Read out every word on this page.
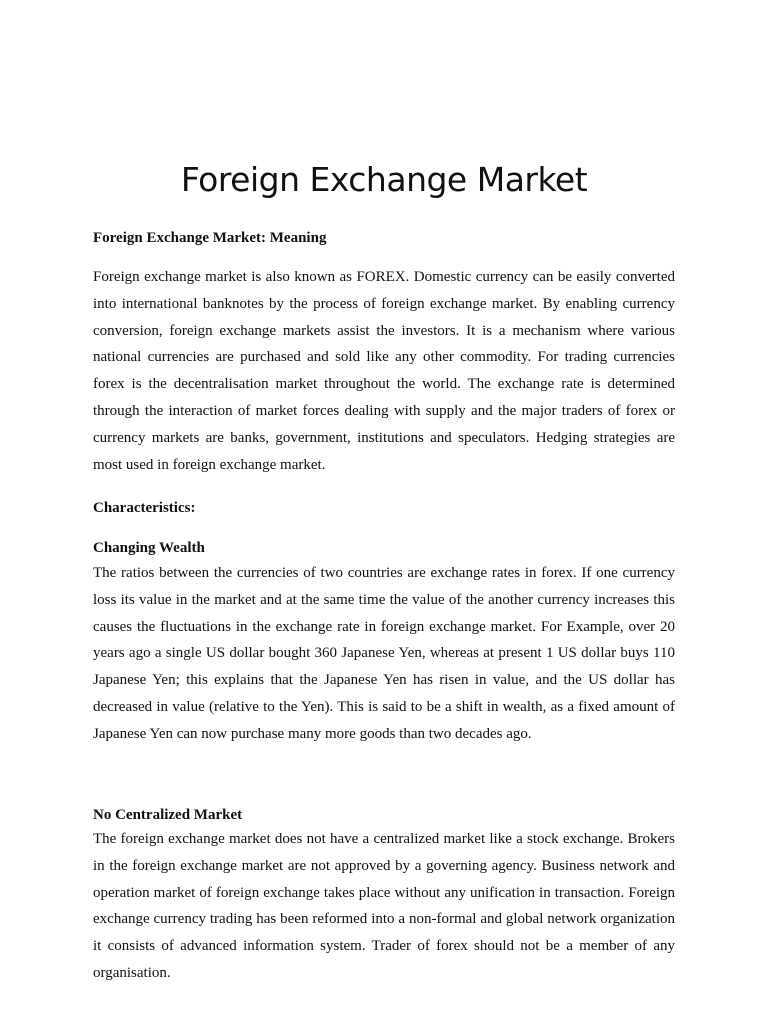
Foreign Exchange Market

Foreign Exchange Market: Meaning

Foreign exchange market is also known as FOREX. Domestic currency can be easily converted into international banknotes by the process of foreign exchange market. By enabling currency conversion, foreign exchange markets assist the investors. It is a mechanism where various national currencies are purchased and sold like any other commodity. For trading currencies forex is the decentralisation market throughout the world. The exchange rate is determined through the interaction of market forces dealing with supply and the major traders of forex or currency markets are banks, government, institutions and speculators. Hedging strategies are most used in foreign exchange market.

Characteristics:

Changing Wealth

The ratios between the currencies of two countries are exchange rates in forex. If one currency loss its value in the market and at the same time the value of the another currency increases this causes the fluctuations in the exchange rate in foreign exchange market. For Example, over 20 years ago a single US dollar bought 360 Japanese Yen, whereas at present 1 US dollar buys 110 Japanese Yen; this explains that the Japanese Yen has risen in value, and the US dollar has decreased in value (relative to the Yen). This is said to be a shift in wealth, as a fixed amount of Japanese Yen can now purchase many more goods than two decades ago.

No Centralized Market

The foreign exchange market does not have a centralized market like a stock exchange. Brokers in the foreign exchange market are not approved by a governing agency. Business network and operation market of foreign exchange takes place without any unification in transaction. Foreign exchange currency trading has been reformed into a non-formal and global network organization it consists of advanced information system. Trader of forex should not be a member of any organisation.
